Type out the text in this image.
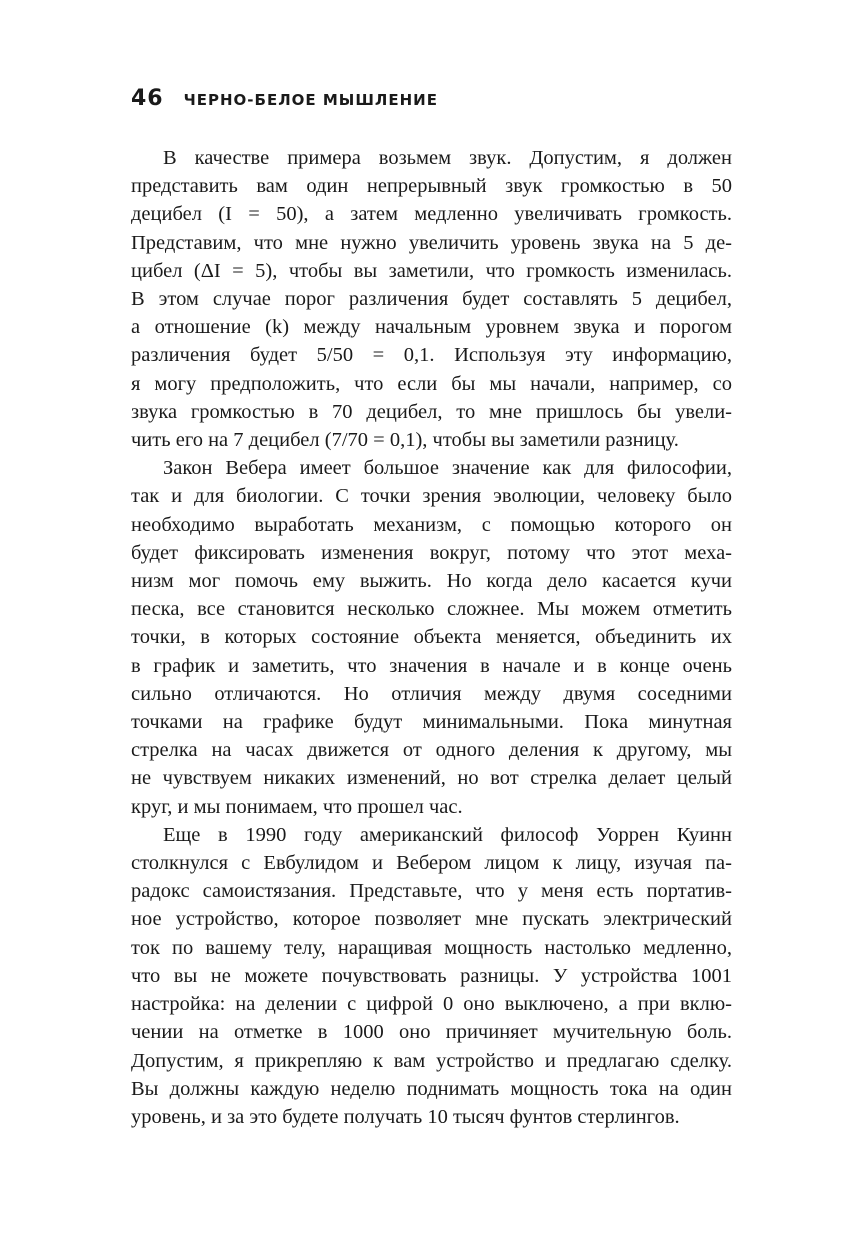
46 ЧЕРНО-БЕЛОЕ МЫШЛЕНИЕ

В качестве примера возьмем звук. Допустим, я должен
представить вам один непрерывный звук громкостью в 50
децибел (I = 50), а затем медленно увеличивать громкость.
Представим, что мне нужно увеличить уровень звука на 5 де-
цибел (ΔI = 5), чтобы вы заметили, что громкость изменилась.
В этом случае порог различения будет составлять 5 децибел,
а отношение (k) между начальным уровнем звука и порогом
различения будет 5/50 = 0,1. Используя эту информацию,
я могу предположить, что если бы мы начали, например, со
звука громкостью в 70 децибел, то мне пришлось бы увели-
чить его на 7 децибел (7/70 = 0,1), чтобы вы заметили разницу.

Закон Вебера имеет большое значение как для философии,
так и для биологии. С точки зрения эволюции, человеку было
необходимо выработать механизм, с помощью которого он
будет фиксировать изменения вокруг, потому что этот меха-
низм мог помочь ему выжить. Но когда дело касается кучи
песка, все становится несколько сложнее. Мы можем отметить
точки, в которых состояние объекта меняется, объединить их
в график и заметить, что значения в начале и в конце очень
сильно отличаются. Но отличия между двумя соседними
точками на графике будут минимальными. Пока минутная
стрелка на часах движется от одного деления к другому, мы
не чувствуем никаких изменений, но вот стрелка делает целый
круг, и мы понимаем, что прошел час.

Еще в 1990 году американский философ Уоррен Куинн
столкнулся с Евбулидом и Вебером лицом к лицу, изучая па-
радокс самоистязания. Представьте, что у меня есть портатив-
ное устройство, которое позволяет мне пускать электрический
ток по вашему телу, наращивая мощность настолько медленно,
что вы не можете почувствовать разницы. У устройства 1001
настройка: на делении с цифрой 0 оно выключено, а при вклю-
чении на отметке в 1000 оно причиняет мучительную боль.
Допустим, я прикрепляю к вам устройство и предлагаю сделку.
Вы должны каждую неделю поднимать мощность тока на один
уровень, и за это будете получать 10 тысяч фунтов стерлингов.
